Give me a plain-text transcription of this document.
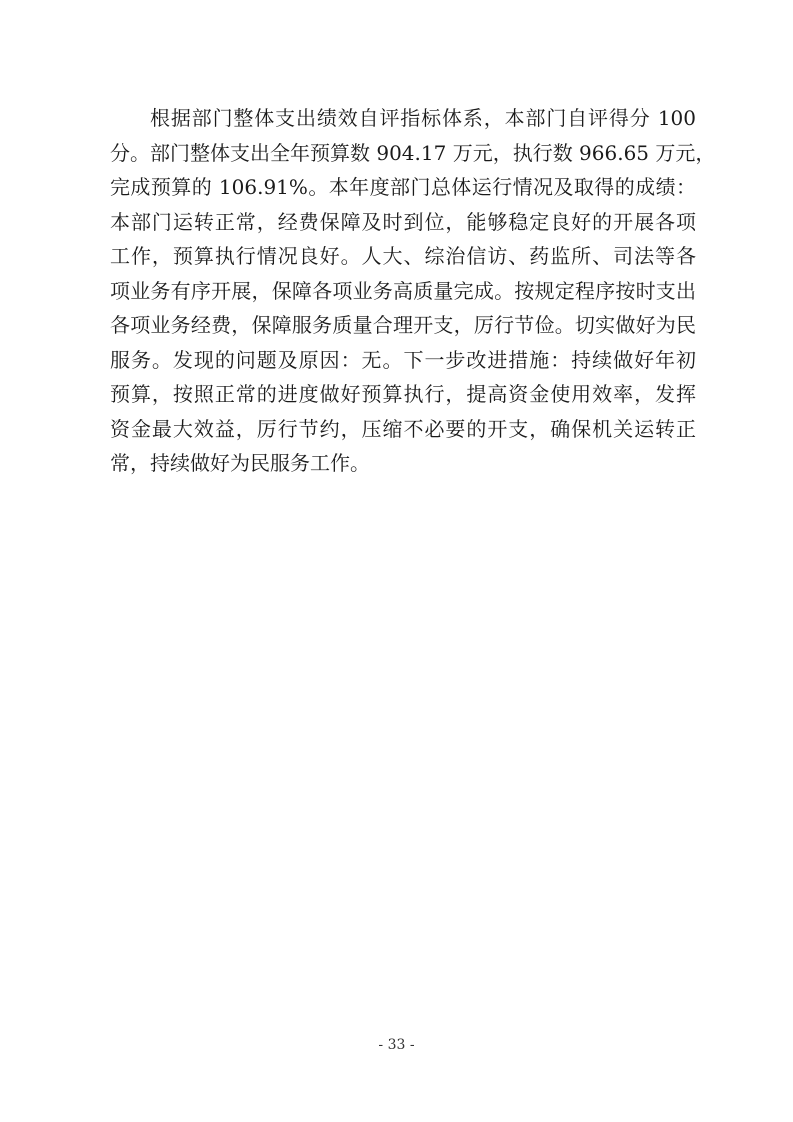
根据部门整体支出绩效自评指标体系，本部门自评得分 100
分。部门整体支出全年预算数 904.17 万元，执行数 966.65 万元，
完成预算的 106.91%。本年度部门总体运行情况及取得的成绩：
本部门运转正常，经费保障及时到位，能够稳定良好的开展各项
工作，预算执行情况良好。人大、综治信访、药监所、司法等各
项业务有序开展，保障各项业务高质量完成。按规定程序按时支出
各项业务经费，保障服务质量合理开支，厉行节俭。切实做好为民
服务。发现的问题及原因：无。下一步改进措施：持续做好年初
预算，按照正常的进度做好预算执行，提高资金使用效率，发挥
资金最大效益，厉行节约，压缩不必要的开支，确保机关运转正
常，持续做好为民服务工作。
- 33 -
